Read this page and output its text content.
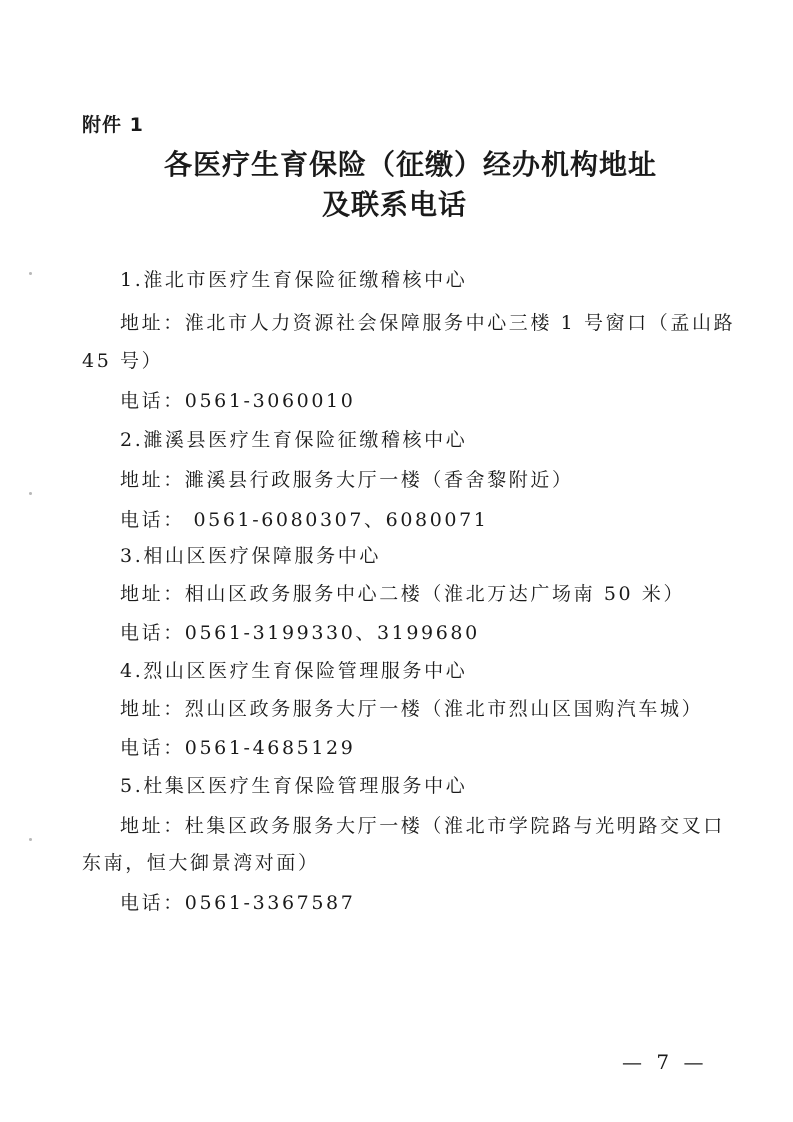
附件 1
各医疗生育保险（征缴）经办机构地址
及联系电话
1.淮北市医疗生育保险征缴稽核中心
地址：淮北市人力资源社会保障服务中心三楼 1 号窗口（孟山路
45 号）
电话：0561-3060010
2.濉溪县医疗生育保险征缴稽核中心
地址：濉溪县行政服务大厅一楼（香舍黎附近）
电话： 0561-6080307、6080071
3.相山区医疗保障服务中心
地址：相山区政务服务中心二楼（淮北万达广场南 50 米）
电话：0561-3199330、3199680
4.烈山区医疗生育保险管理服务中心
地址：烈山区政务服务大厅一楼（淮北市烈山区国购汽车城）
电话：0561-4685129
5.杜集区医疗生育保险管理服务中心
地址：杜集区政务服务大厅一楼（淮北市学院路与光明路交叉口
东南，恒大御景湾对面）
电话：0561-3367587
— 7 —
